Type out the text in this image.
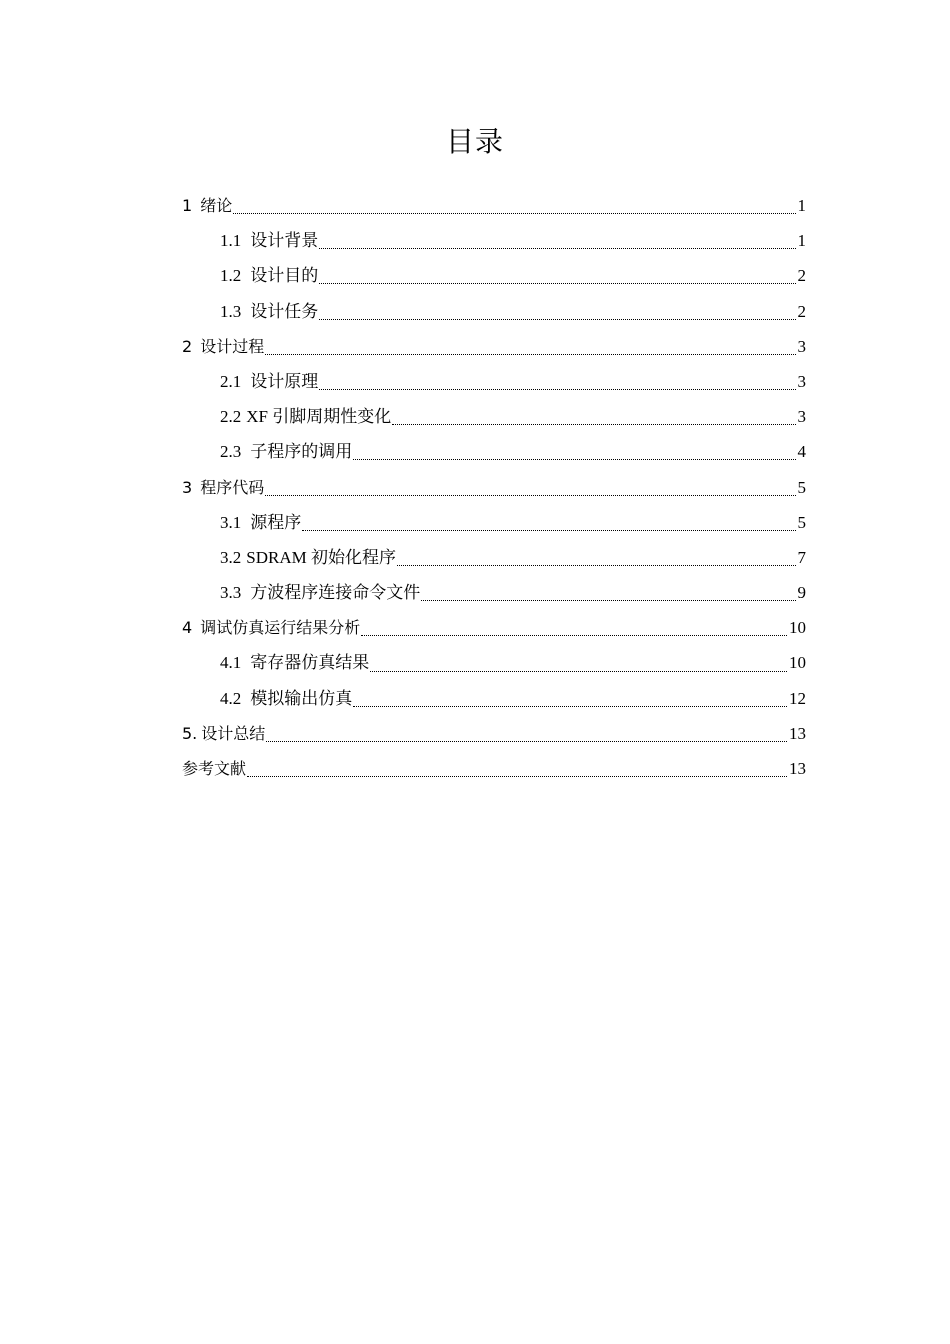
目录
1 绪论	1
1.1 设计背景	1
1.2 设计目的	2
1.3 设计任务	2
2 设计过程	3
2.1 设计原理	3
2.2 XF 引脚周期性变化	3
2.3 子程序的调用	4
3 程序代码	5
3.1 源程序	5
3.2 SDRAM 初始化程序	7
3.3 方波程序连接命令文件	9
4 调试仿真运行结果分析	10
4.1 寄存器仿真结果	10
4.2 模拟输出仿真	12
5. 设计总结	13
参考文献	13
